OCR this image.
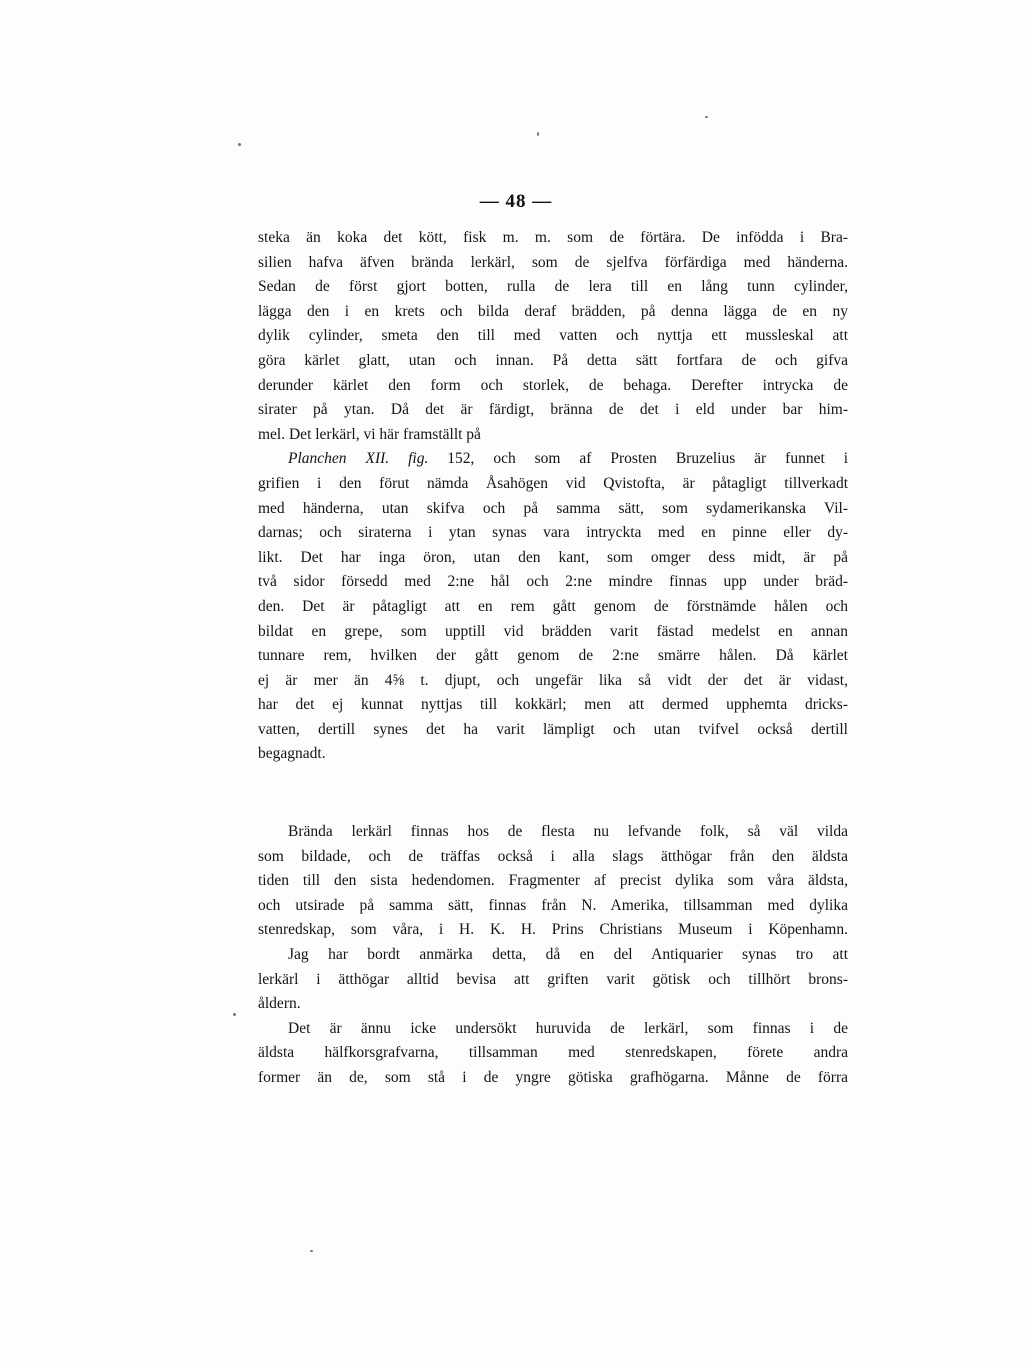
— 48 —

steka än koka det kött, fisk m. m. som de förtära. De infödda i Bra-
silien hafva äfven brända lerkärl, som de sjelfva förfärdiga med händerna.
Sedan de först gjort botten, rulla de lera till en lång tunn cylinder,
lägga den i en krets och bilda deraf brädden, på denna lägga de en ny
dylik cylinder, smeta den till med vatten och nyttja ett mussleskal att
göra kärlet glatt, utan och innan. På detta sätt fortfara de och gifva
derunder kärlet den form och storlek, de behaga. Derefter intrycka de
sirater på ytan. Då det är färdigt, bränna de det i eld under bar him-
mel. Det lerkärl, vi här framställt på

Planchen XII. fig. 152, och som af Prosten Bruzelius är funnet i
grifien i den förut nämda Åsahögen vid Qvistofta, är påtagligt tillverkadt
med händerna, utan skifva och på samma sätt, som sydamerikanska Vil-
darnas; och siraterna i ytan synas vara intryckta med en pinne eller dy-
likt. Det har inga öron, utan den kant, som omger dess midt, är på
två sidor försedd med 2:ne hål och 2:ne mindre finnas upp under bräd-
den. Det är påtagligt att en rem gått genom de förstnämde hålen och
bildat en grepe, som upptill vid brädden varit fästad medelst en annan
tunnare rem, hvilken der gått genom de 2:ne smärre hålen. Då kärlet
ej är mer än 4⅝ t. djupt, och ungefär lika så vidt der det är vidast,
har det ej kunnat nyttjas till kokkärl; men att dermed upphemta dricks-
vatten, dertill synes det ha varit lämpligt och utan tvifvel också dertill
begagnadt.

Brända lerkärl finnas hos de flesta nu lefvande folk, så väl vilda
som bildade, och de träffas också i alla slags ätthögar från den äldsta
tiden till den sista hedendomen. Fragmenter af precist dylika som våra äldsta,
och utsirade på samma sätt, finnas från N. Amerika, tillsamman med dylika
stenredskap, som våra, i H. K. H. Prins Christians Museum i Köpenhamn.

Jag har bordt anmärka detta, då en del Antiquarier synas tro att
lerkärl i ätthögar alltid bevisa att griften varit götisk och tillhört brons-
åldern.

Det är ännu icke undersökt huruvida de lerkärl, som finnas i de
äldsta hälfkorsgrafvarna, tillsamman med stenredskapen, förete andra
former än de, som stå i de yngre götiska grafhögarna. Månne de förra
